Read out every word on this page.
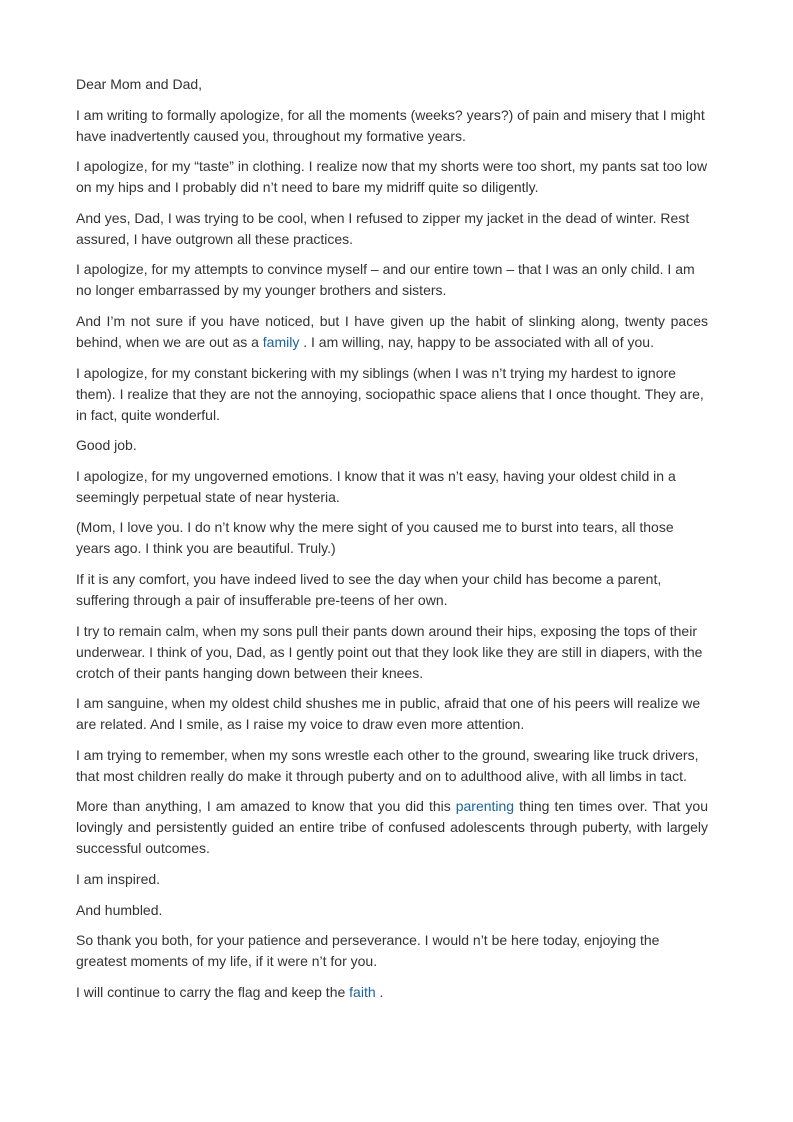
Dear Mom and Dad,

I am writing to formally apologize, for all the moments (weeks? years?) of pain and misery that I might have inadvertently caused you, throughout my formative years.

I apologize, for my “taste” in clothing. I realize now that my shorts were too short, my pants sat too low on my hips and I probably did n’t need to bare my midriff quite so diligently.

And yes, Dad, I was trying to be cool, when I refused to zipper my jacket in the dead of winter. Rest assured, I have outgrown all these practices.

I apologize, for my attempts to convince myself – and our entire town – that I was an only child. I am no longer embarrassed by my younger brothers and sisters.

And I’m not sure if you have noticed, but I have given up the habit of slinking along, twenty paces behind, when we are out as a family . I am willing, nay, happy to be associated with all of you.

I apologize, for my constant bickering with my siblings (when I was n’t trying my hardest to ignore them). I realize that they are not the annoying, sociopathic space aliens that I once thought. They are, in fact, quite wonderful.

Good job.

I apologize, for my ungoverned emotions. I know that it was n’t easy, having your oldest child in a seemingly perpetual state of near hysteria.

(Mom, I love you. I do n’t know why the mere sight of you caused me to burst into tears, all those years ago. I think you are beautiful. Truly.)

If it is any comfort, you have indeed lived to see the day when your child has become a parent, suffering through a pair of insufferable pre-teens of her own.

I try to remain calm, when my sons pull their pants down around their hips, exposing the tops of their underwear. I think of you, Dad, as I gently point out that they look like they are still in diapers, with the crotch of their pants hanging down between their knees.

I am sanguine, when my oldest child shushes me in public, afraid that one of his peers will realize we are related. And I smile, as I raise my voice to draw even more attention.

I am trying to remember, when my sons wrestle each other to the ground, swearing like truck drivers, that most children really do make it through puberty and on to adulthood alive, with all limbs in tact.

More than anything, I am amazed to know that you did this parenting thing ten times over. That you lovingly and persistently guided an entire tribe of confused adolescents through puberty, with largely successful outcomes.

I am inspired.

And humbled.

So thank you both, for your patience and perseverance. I would n’t be here today, enjoying the greatest moments of my life, if it were n’t for you.

I will continue to carry the flag and keep the faith .
